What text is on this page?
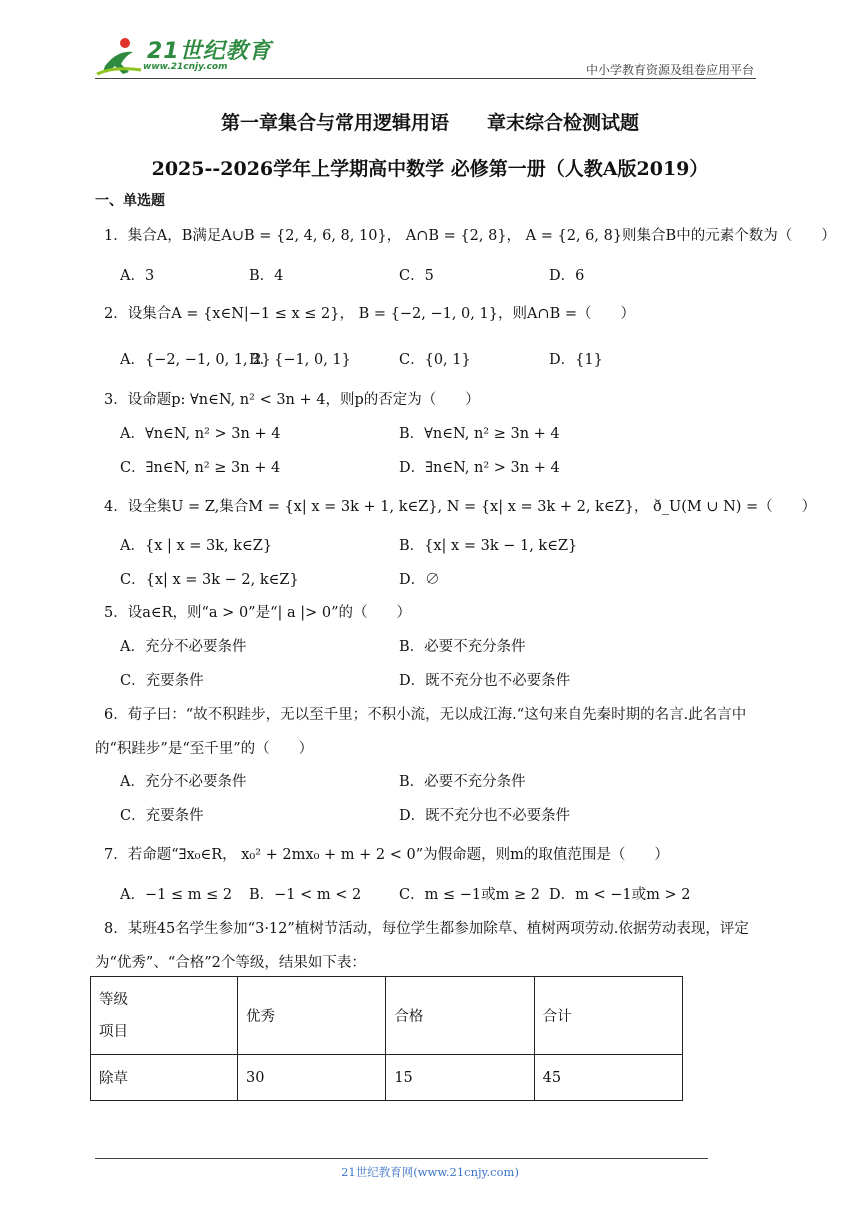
21世纪教育
www.21cnjy.com	中小学教育资源及组卷应用平台
第一章集合与常用逻辑用语　　章末综合检测试题
2025--2026学年上学期高中数学 必修第一册（人教A版2019）
一、单选题
1．集合A，B满足A∪B = {2, 4, 6, 8, 10}， A∩B = {2, 8}， A = {2, 6, 8}则集合B中的元素个数为（　　）
A．3	B．4	C．5	D．6
2．设集合A = {x∈N|−1 ≤ x ≤ 2}， B = {−2, −1, 0, 1}，则A∩B =（　　）
A．{−2, −1, 0, 1, 2}
B．{−1, 0, 1}	C．{0, 1}	D．{1}
3．设命题p: ∀n∈N, n² < 3n + 4，则p的否定为（　　）
A．∀n∈N, n² > 3n + 4	B．∀n∈N, n² ≥ 3n + 4
C．∃n∈N, n² ≥ 3n + 4	D．∃n∈N, n² > 3n + 4
4．设全集U = Z,集合M = {x| x = 3k + 1, k∈Z}, N = {x| x = 3k + 2, k∈Z}， ð_U(M ∪ N) =（　　）
A．{x | x = 3k, k∈Z}	B．{x| x = 3k − 1, k∈Z}
C．{x| x = 3k − 2, k∈Z}	D．∅
5．设a∈R，则“a > 0”是“| a |> 0”的（　　）
A．充分不必要条件	B．必要不充分条件
C．充要条件	D．既不充分也不必要条件
6．荀子曰：“故不积跬步，无以至千里；不积小流，无以成江海.“这句来自先秦时期的名言.此名言中
的“积跬步”是“至千里”的（　　）
A．充分不必要条件	B．必要不充分条件
C．充要条件	D．既不充分也不必要条件
7．若命题“∃x₀∈R， x₀² + 2mx₀ + m + 2 < 0”为假命题，则m的取值范围是（　　）
A．−1 ≤ m ≤ 2 B．−1 < m < 2	C．m ≤ −1或m ≥ 2 D．m < −1或m > 2
8．某班45名学生参加“3·12”植树节活动，每位学生都参加除草、植树两项劳动.依据劳动表现，评定
为“优秀”、“合格”2个等级，结果如下表：
等级
项目	优秀	合格	合计
除草	30	15	45
21世纪教育网(www.21cnjy.com)
